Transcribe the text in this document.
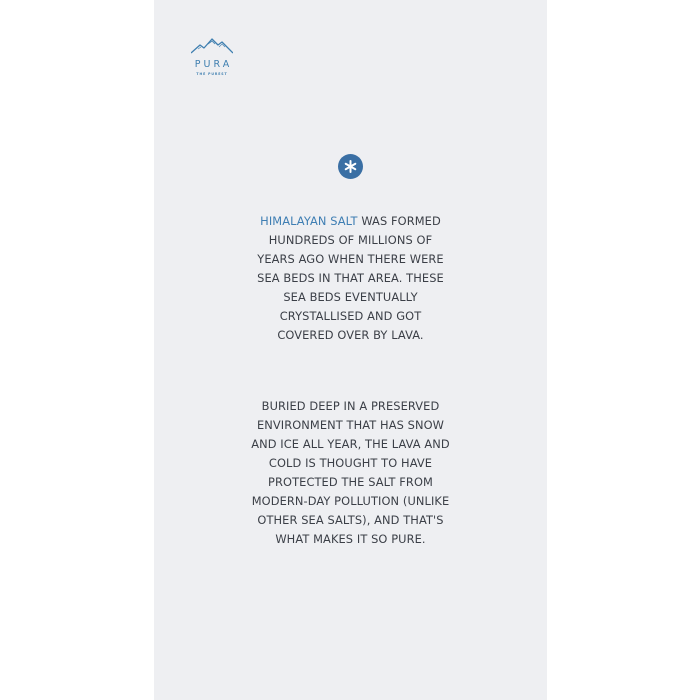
PURA
THE PUREST
HIMALAYAN SALT WAS FORMED
HUNDREDS OF MILLIONS OF
YEARS AGO WHEN THERE WERE
SEA BEDS IN THAT AREA. THESE
SEA BEDS EVENTUALLY
CRYSTALLISED AND GOT
COVERED OVER BY LAVA.
BURIED DEEP IN A PRESERVED
ENVIRONMENT THAT HAS SNOW
AND ICE ALL YEAR, THE LAVA AND
COLD IS THOUGHT TO HAVE
PROTECTED THE SALT FROM
MODERN-DAY POLLUTION (UNLIKE
OTHER SEA SALTS), AND THAT'S
WHAT MAKES IT SO PURE.
